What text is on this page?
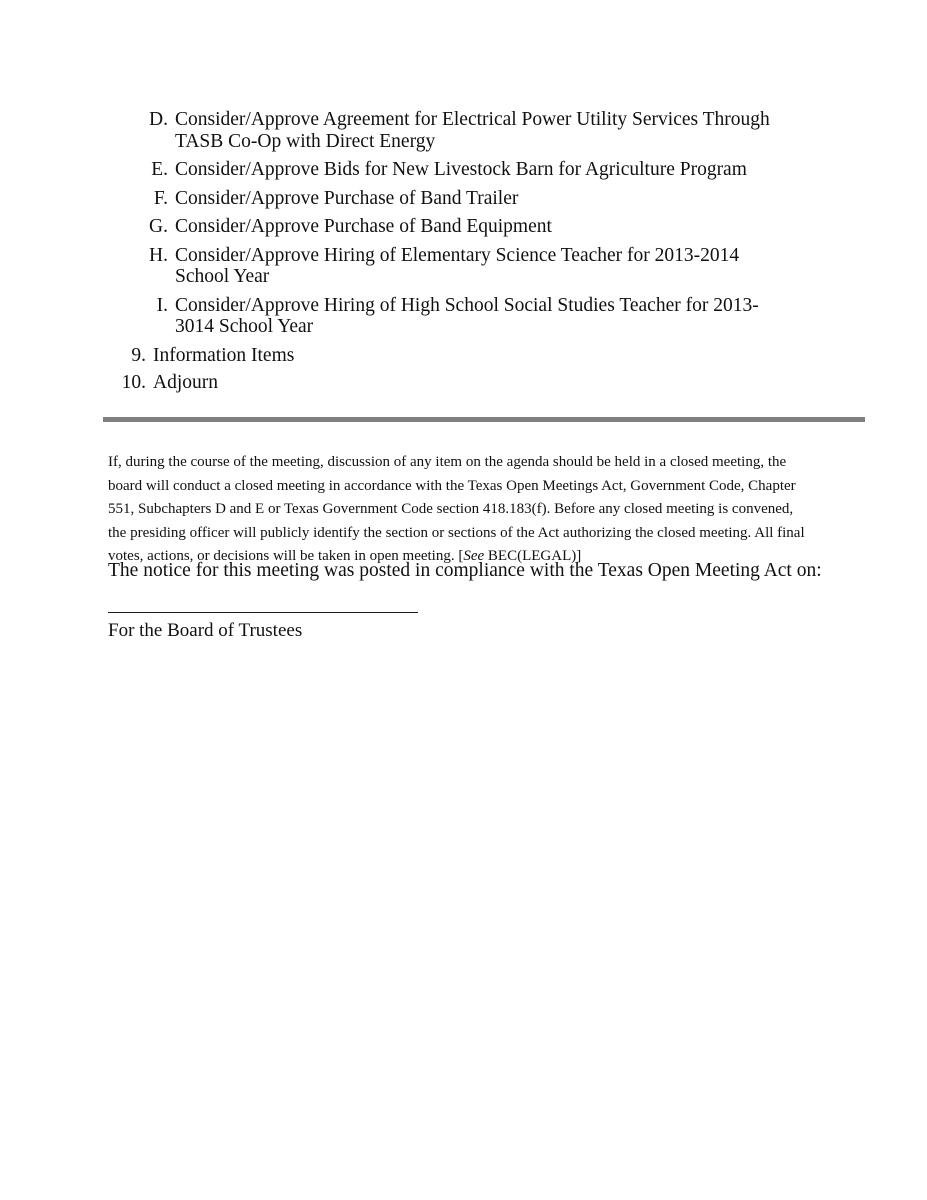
D. Consider/Approve Agreement for Electrical Power Utility Services Through TASB Co-Op with Direct Energy
E. Consider/Approve Bids for New Livestock Barn for Agriculture Program
F. Consider/Approve Purchase of Band Trailer
G. Consider/Approve Purchase of Band Equipment
H. Consider/Approve Hiring of Elementary Science Teacher for 2013-2014 School Year
I. Consider/Approve Hiring of High School Social Studies Teacher for 2013-3014 School Year
9. Information Items
10. Adjourn

If, during the course of the meeting, discussion of any item on the agenda should be held in a closed meeting, the board will conduct a closed meeting in accordance with the Texas Open Meetings Act, Government Code, Chapter 551, Subchapters D and E or Texas Government Code section 418.183(f). Before any closed meeting is convened, the presiding officer will publicly identify the section or sections of the Act authorizing the closed meeting. All final votes, actions, or decisions will be taken in open meeting. [See BEC(LEGAL)]

The notice for this meeting was posted in compliance with the Texas Open Meeting Act on:

For the Board of Trustees
